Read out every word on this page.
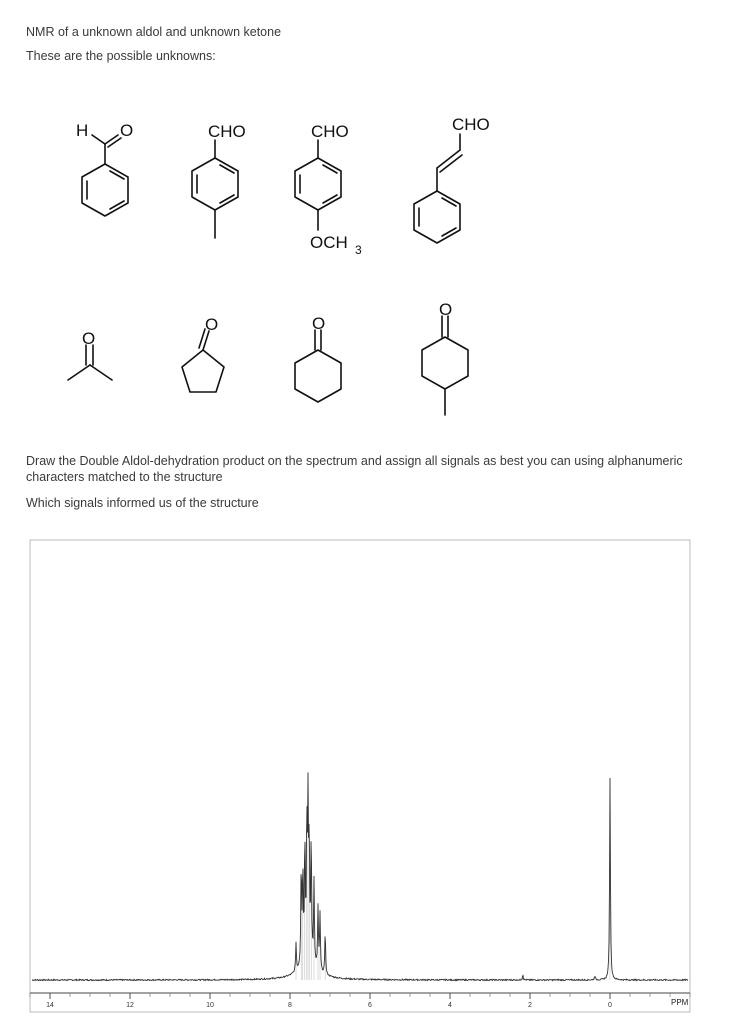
NMR of a unknown aldol and unknown ketone
These are the possible unknowns:
H O	CHO	CHO
OCH 3
CHO
O
O	O
O
Draw the Double Aldol-dehydration product on the spectrum and assign all signals as best you can using alphanumeric characters matched to the structure
Which signals informed us of the structure
14	12	10	8	6	4	2	0	PPM
